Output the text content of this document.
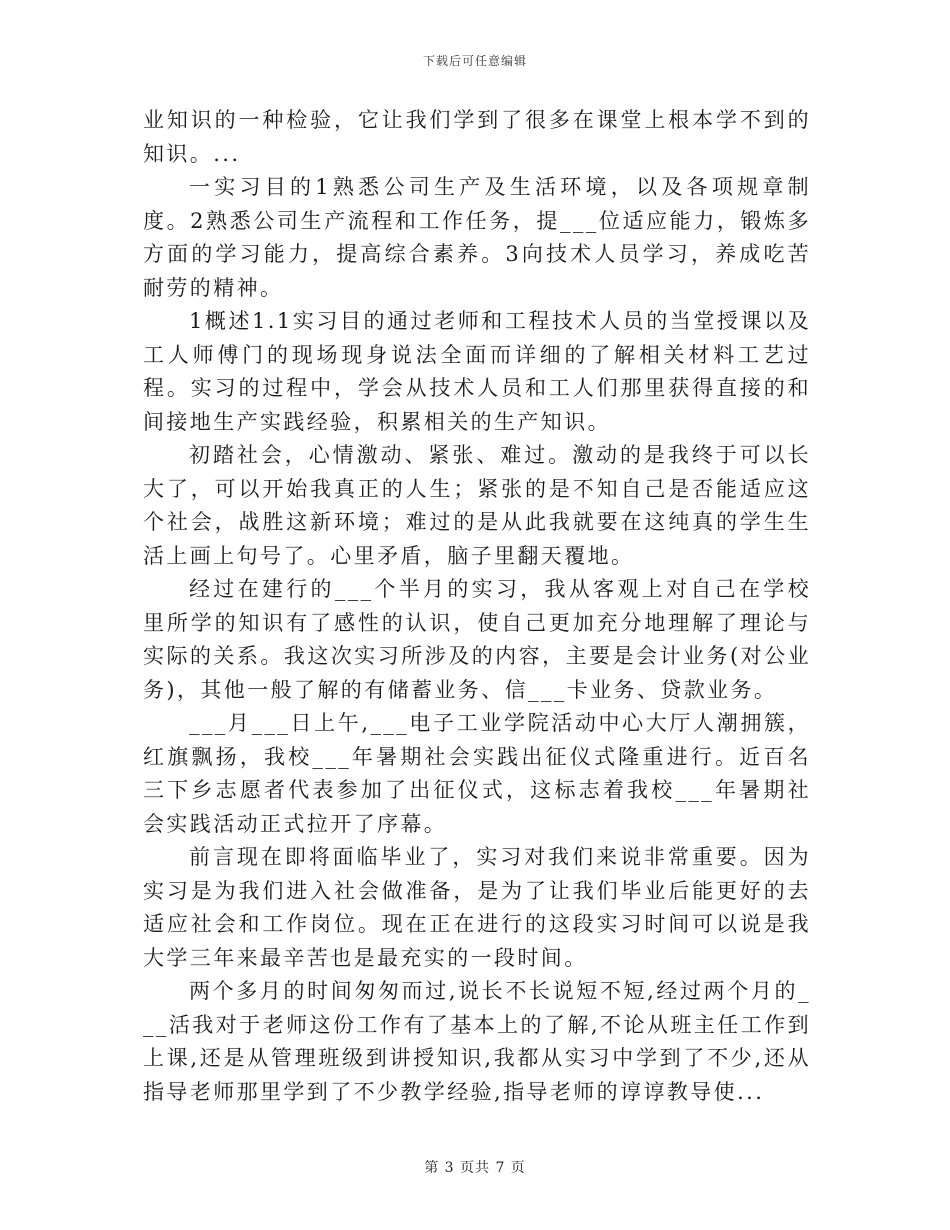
下载后可任意编辑

业知识的一种检验，它让我们学到了很多在课堂上根本学不到的知识。...

一实习目的1熟悉公司生产及生活环境，以及各项规章制度。2熟悉公司生产流程和工作任务，提___位适应能力，锻炼多方面的学习能力，提高综合素养。3向技术人员学习，养成吃苦耐劳的精神。

1概述1.1实习目的通过老师和工程技术人员的当堂授课以及工人师傅门的现场现身说法全面而详细的了解相关材料工艺过程。实习的过程中，学会从技术人员和工人们那里获得直接的和间接地生产实践经验，积累相关的生产知识。

初踏社会，心情激动、紧张、难过。激动的是我终于可以长大了，可以开始我真正的人生；紧张的是不知自己是否能适应这个社会，战胜这新环境；难过的是从此我就要在这纯真的学生生活上画上句号了。心里矛盾，脑子里翻天覆地。

经过在建行的___个半月的实习，我从客观上对自己在学校里所学的知识有了感性的认识，使自己更加充分地理解了理论与实际的关系。我这次实习所涉及的内容，主要是会计业务(对公业务)，其他一般了解的有储蓄业务、信___卡业务、贷款业务。

___月___日上午,___电子工业学院活动中心大厅人潮拥簇，红旗飘扬，我校___年暑期社会实践出征仪式隆重进行。近百名三下乡志愿者代表参加了出征仪式，这标志着我校___年暑期社会实践活动正式拉开了序幕。

前言现在即将面临毕业了，实习对我们来说非常重要。因为实习是为我们进入社会做准备，是为了让我们毕业后能更好的去适应社会和工作岗位。现在正在进行的这段实习时间可以说是我大学三年来最辛苦也是最充实的一段时间。

两个多月的时间匆匆而过,说长不长说短不短,经过两个月的___活我对于老师这份工作有了基本上的了解,不论从班主任工作到上课,还是从管理班级到讲授知识,我都从实习中学到了不少,还从指导老师那里学到了不少教学经验,指导老师的谆谆教导使...

第 3 页共 7 页
